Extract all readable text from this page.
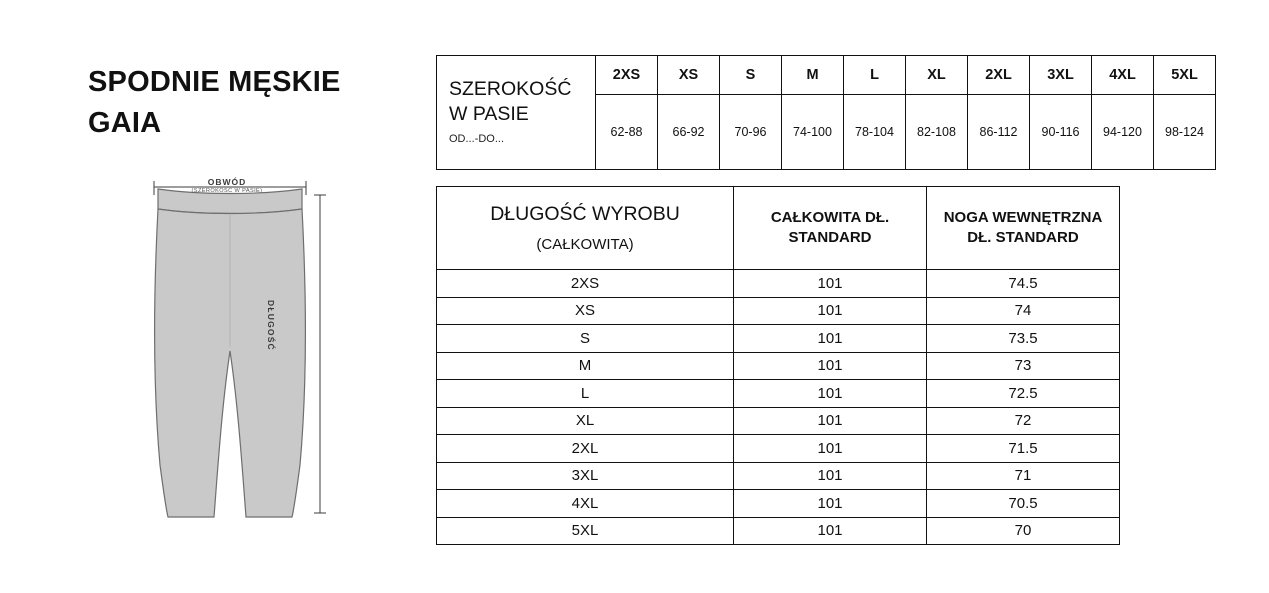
SPODNIE MĘSKIE GAIA
OBWÓD
(SZEROKOŚĆ W PASIE)
DŁUGOŚĆ
SZEROKOŚĆ
W PASIE
OD...-DO...	2XS	XS	S	M	L	XL	2XL	3XL	4XL	5XL
	62-88	66-92	70-96	74-100	78-104	82-108	86-112	90-116	94-120	98-124
DŁUGOŚĆ WYROBU
(CAŁKOWITA)	CAŁKOWITA DŁ. STANDARD	NOGA WEWNĘTRZNA DŁ. STANDARD
2XS	101	74.5
XS	101	74
S	101	73.5
M	101	73
L	101	72.5
XL	101	72
2XL	101	71.5
3XL	101	71
4XL	101	70.5
5XL	101	70
